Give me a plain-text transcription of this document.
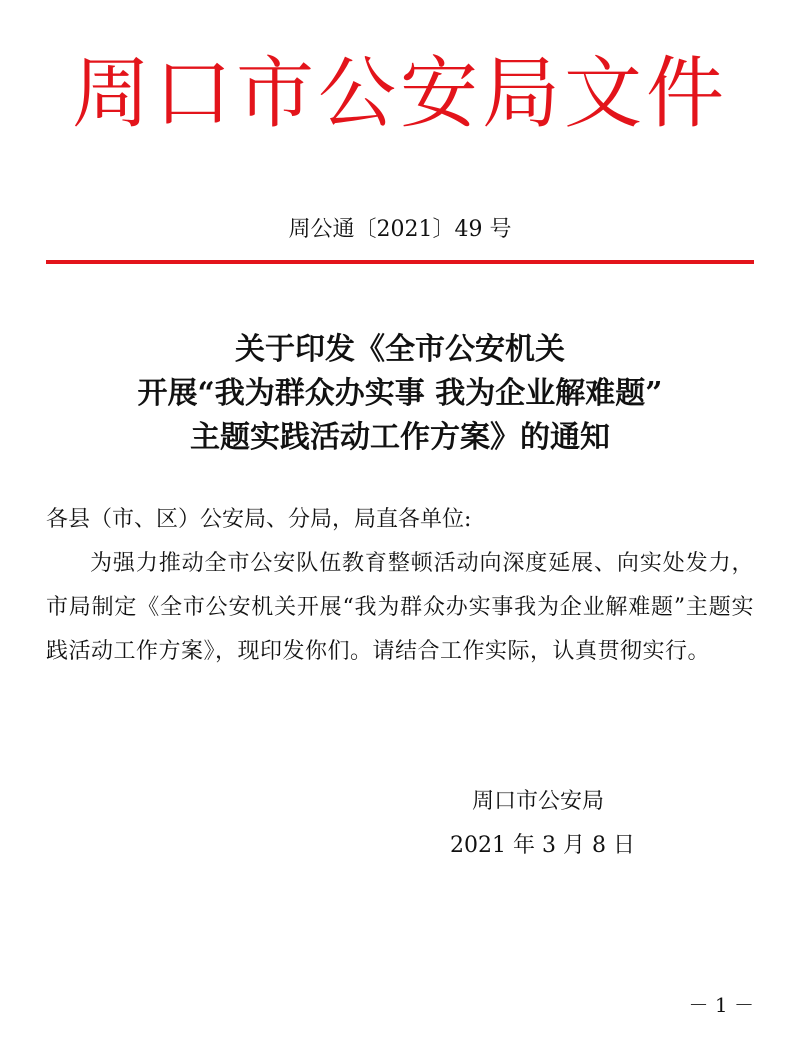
周口市公安局文件
周公通〔2021〕49 号
关于印发《全市公安机关
开展“我为群众办实事 我为企业解难题”
主题实践活动工作方案》的通知
各县（市、区）公安局、分局，局直各单位:
为强力推动全市公安队伍教育整顿活动向深度延展、向实处发力，市局制定《全市公安机关开展“我为群众办实事我为企业解难题”主题实践活动工作方案》，现印发你们。请结合工作实际，认真贯彻实行。
周口市公安局
2021 年 3 月 8 日
－ 1 －
